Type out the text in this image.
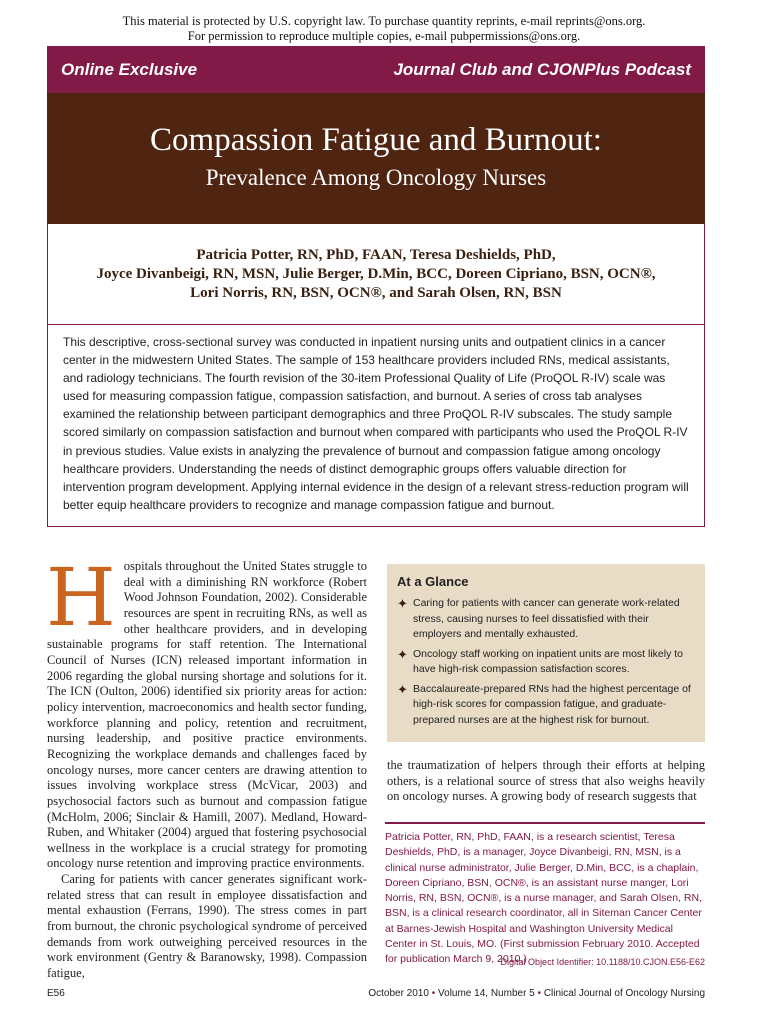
This material is protected by U.S. copyright law. To purchase quantity reprints, e-mail reprints@ons.org.
For permission to reproduce multiple copies, e-mail pubpermissions@ons.org.
Online Exclusive	Journal Club and CJONPlus Podcast
Compassion Fatigue and Burnout:
Prevalence Among Oncology Nurses
Patricia Potter, RN, PhD, FAAN, Teresa Deshields, PhD,
Joyce Divanbeigi, RN, MSN, Julie Berger, D.Min, BCC, Doreen Cipriano, BSN, OCN®,
Lori Norris, RN, BSN, OCN®, and Sarah Olsen, RN, BSN
This descriptive, cross-sectional survey was conducted in inpatient nursing units and outpatient clinics in a cancer center in the midwestern United States. The sample of 153 healthcare providers included RNs, medical assistants, and radiology technicians. The fourth revision of the 30-item Professional Quality of Life (ProQOL R-IV) scale was used for measuring compassion fatigue, compassion satisfaction, and burnout. A series of cross tab analyses examined the relationship between participant demographics and three ProQOL R-IV subscales. The study sample scored similarly on compassion satisfaction and burnout when compared with participants who used the ProQOL R-IV in previous studies. Value exists in analyzing the prevalence of burnout and compassion fatigue among oncology healthcare providers. Understanding the needs of distinct demographic groups offers valuable direction for intervention program development. Applying internal evidence in the design of a relevant stress-reduction program will better equip healthcare providers to recognize and manage compassion fatigue and burnout.

Hospitals throughout the United States struggle to deal with a diminishing RN workforce (Robert Wood Johnson Foundation, 2002). Considerable resources are spent in recruiting RNs, as well as other healthcare providers, and in developing sustainable programs for staff retention. The International Council of Nurses (ICN) released important information in 2006 regarding the global nursing shortage and solutions for it. The ICN (Oulton, 2006) identified six priority areas for action: policy intervention, macroeconomics and health sector funding, workforce planning and policy, retention and recruitment, nursing leadership, and positive practice environments. Recognizing the workplace demands and challenges faced by oncology nurses, more cancer centers are drawing attention to issues involving workplace stress (McVicar, 2003) and psychosocial factors such as burnout and compassion fatigue (McHolm, 2006; Sinclair & Hamill, 2007). Medland, Howard-Ruben, and Whitaker (2004) argued that fostering psychosocial wellness in the workplace is a crucial strategy for promoting oncology nurse retention and improving practice environments.

Caring for patients with cancer generates significant work-related stress that can result in employee dissatisfaction and mental exhaustion (Ferrans, 1990). The stress comes in part from burnout, the chronic psychological syndrome of perceived demands from work outweighing perceived resources in the work environment (Gentry & Baranowsky, 1998). Compassion fatigue,

At a Glance
✦ Caring for patients with cancer can generate work-related stress, causing nurses to feel dissatisfied with their employers and mentally exhausted.
✦ Oncology staff working on inpatient units are most likely to have high-risk compassion satisfaction scores.
✦ Baccalaureate-prepared RNs had the highest percentage of high-risk scores for compassion fatigue, and graduate-prepared nurses are at the highest risk for burnout.
the traumatization of helpers through their efforts at helping others, is a relational source of stress that also weighs heavily on oncology nurses. A growing body of research suggests that
Patricia Potter, RN, PhD, FAAN, is a research scientist, Teresa Deshields, PhD, is a manager, Joyce Divanbeigi, RN, MSN, is a clinical nurse administrator, Julie Berger, D.Min, BCC, is a chaplain, Doreen Cipriano, BSN, OCN®, is an assistant nurse manger, Lori Norris, RN, BSN, OCN®, is a nurse manager, and Sarah Olsen, RN, BSN, is a clinical research coordinator, all in Siteman Cancer Center at Barnes-Jewish Hospital and Washington University Medical Center in St. Louis, MO. (First submission February 2010. Accepted for publication March 9, 2010.)
Digital Object Identifier: 10.1188/10.CJON.E56-E62
E56	October 2010 • Volume 14, Number 5 • Clinical Journal of Oncology Nursing
